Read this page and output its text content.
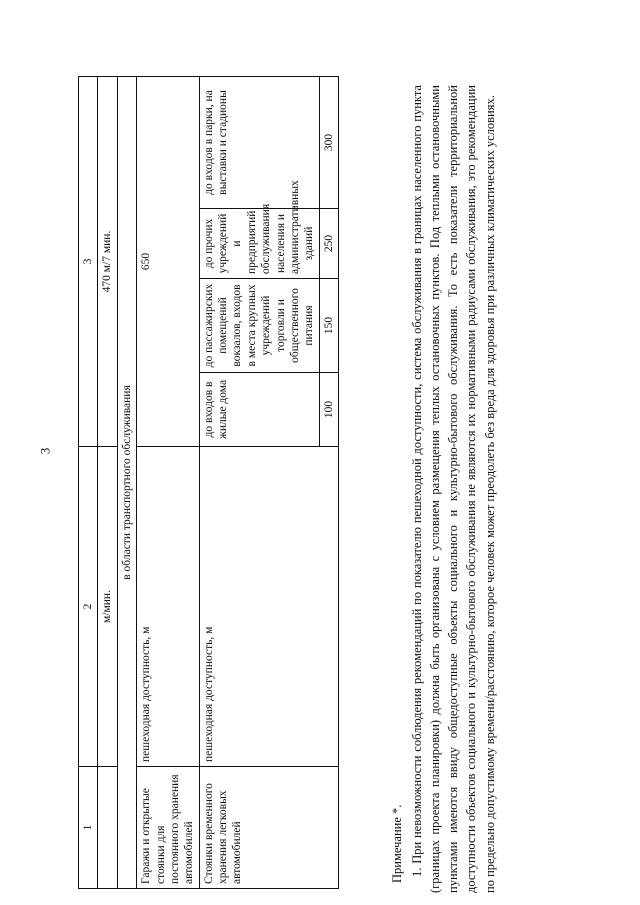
3
1	2	3			
	м/мин.	470 м/7 мин.			
в области транспортного обслуживания					
Гаражи и открытые стоянки для постоянного хранения автомобилей	пешеходная доступность, м	650			
Стоянки временного хранения легковых автомобилей	пешеходная доступность, м	до входов в жилые дома	до пассажирских помещений вокзалов, входов в места крупных учреждений торговли и общественного питания	до прочих учреждений и предприятий обслуживания населения и административных зданий	до входов в парки, на выставки и стадионы
		100	150	250	300
Примечание *. 1. При невозможности соблюдения рекомендаций по показателю пешеходной доступности, система обслуживания в границах населенного пункта (границах проекта планировки) должна быть организована с условием размещения теплых остановочных пунктов. Под теплыми остановочными пунктами имеются ввиду общедоступные объекты социального и культурно-бытового обслуживания. То есть показатели территориальной доступности объектов социального и культурно-бытового обслуживания не являются их нормативными радиусами обслуживания, это рекомендации по предельно допустимому времени/расстоянию, которое человек может преодолеть без вреда для здоровья при различных климатических условиях.
